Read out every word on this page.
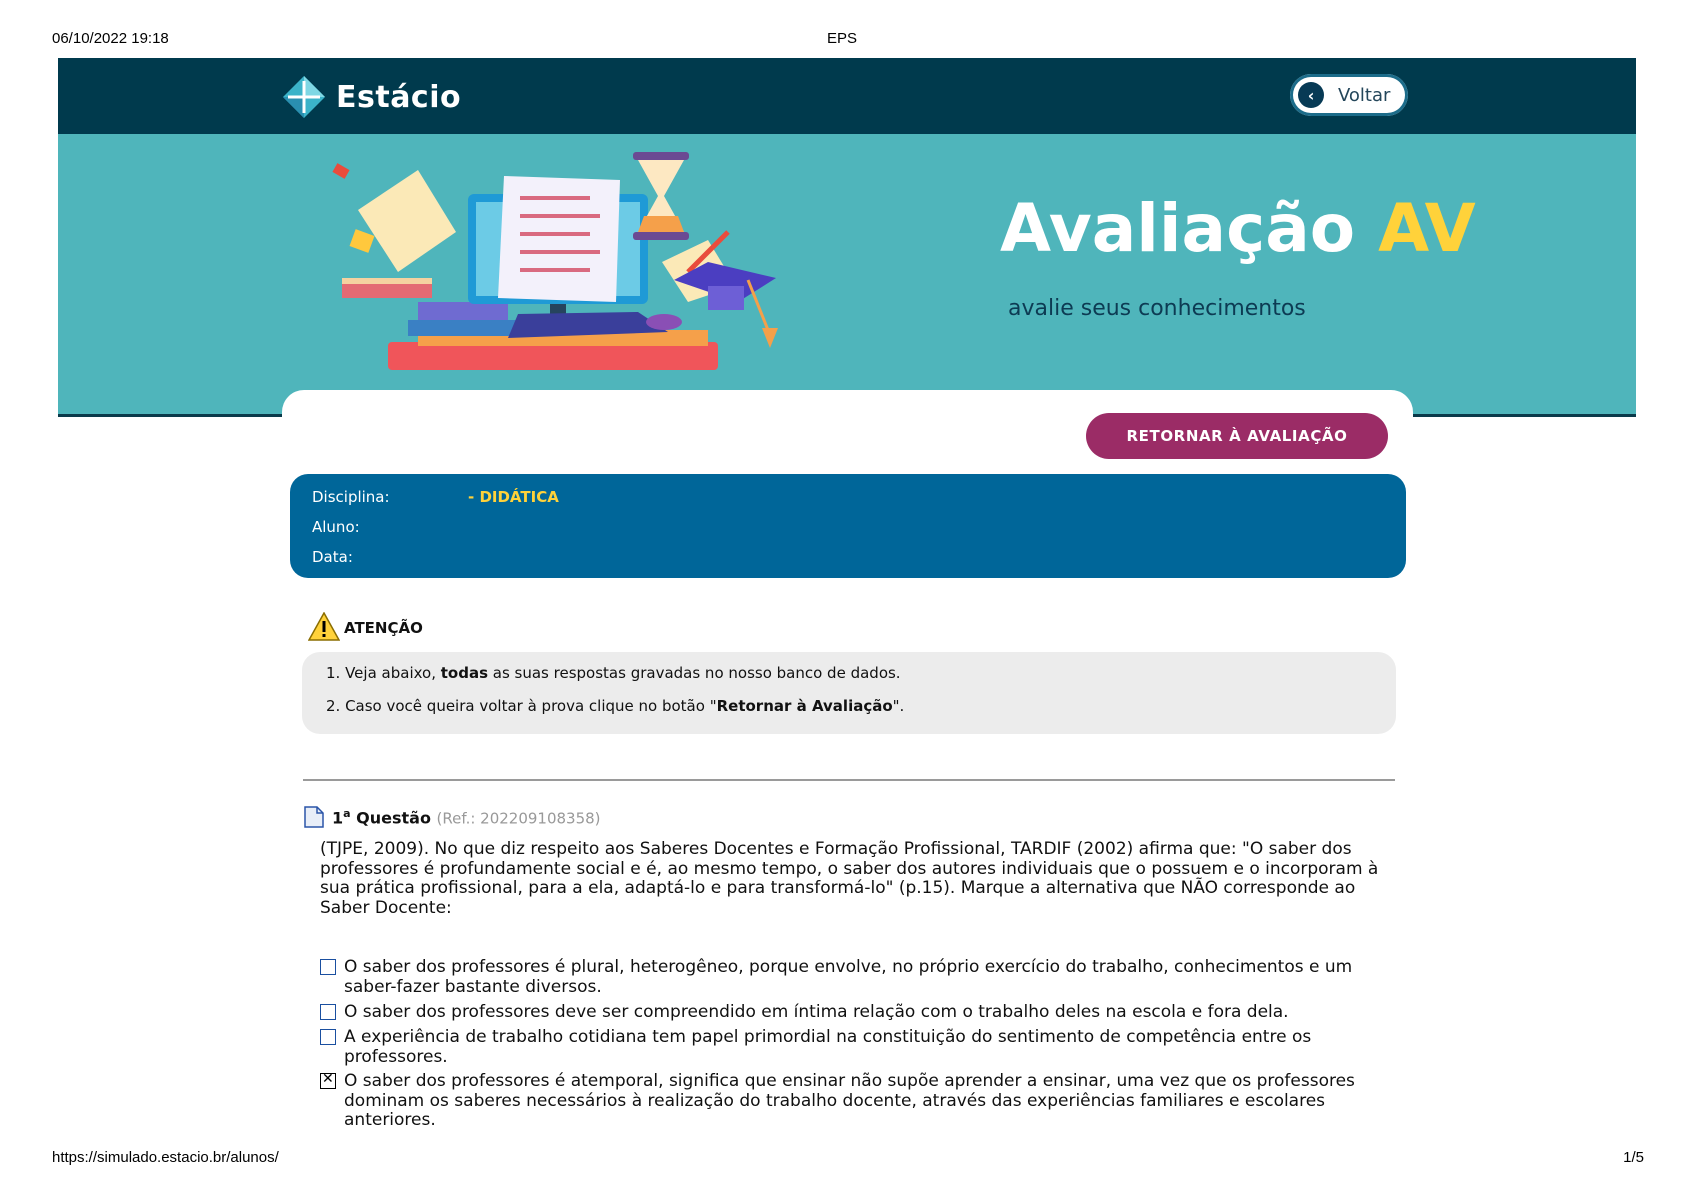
06/10/2022 19:18	EPS
https://simulado.estacio.br/alunos/	1/5
Estácio	‹	Voltar
Avaliação AV
avalie seus conhecimentos
RETORNAR À AVALIAÇÃO
Disciplina:	- DIDÁTICA
Aluno:
Data:
ATENÇÃO
1. Veja abaixo, todas as suas respostas gravadas no nosso banco de dados.
2. Caso você queira voltar à prova clique no botão "Retornar à Avaliação".
1$^a$ Questão (Ref.: 202209108358)
(TJPE, 2009). No que diz respeito aos Saberes Docentes e Formação Profissional, TARDIF (2002) afirma que: "O saber dos professores é profundamente social e é, ao mesmo tempo, o saber dos autores individuais que o possuem e o incorporam à sua prática profissional, para a ela, adaptá-lo e para transformá-lo" (p.15). Marque a alternativa que NÃO corresponde ao Saber Docente:
O saber dos professores é plural, heterogêneo, porque envolve, no próprio exercício do trabalho, conhecimentos e um saber-fazer bastante diversos.
O saber dos professores deve ser compreendido em íntima relação com o trabalho deles na escola e fora dela.
A experiência de trabalho cotidiana tem papel primordial na constituição do sentimento de competência entre os professores.
✕
O saber dos professores é atemporal, significa que ensinar não supõe aprender a ensinar, uma vez que os professores dominam os saberes necessários à realização do trabalho docente, através das experiências familiares e escolares anteriores.
